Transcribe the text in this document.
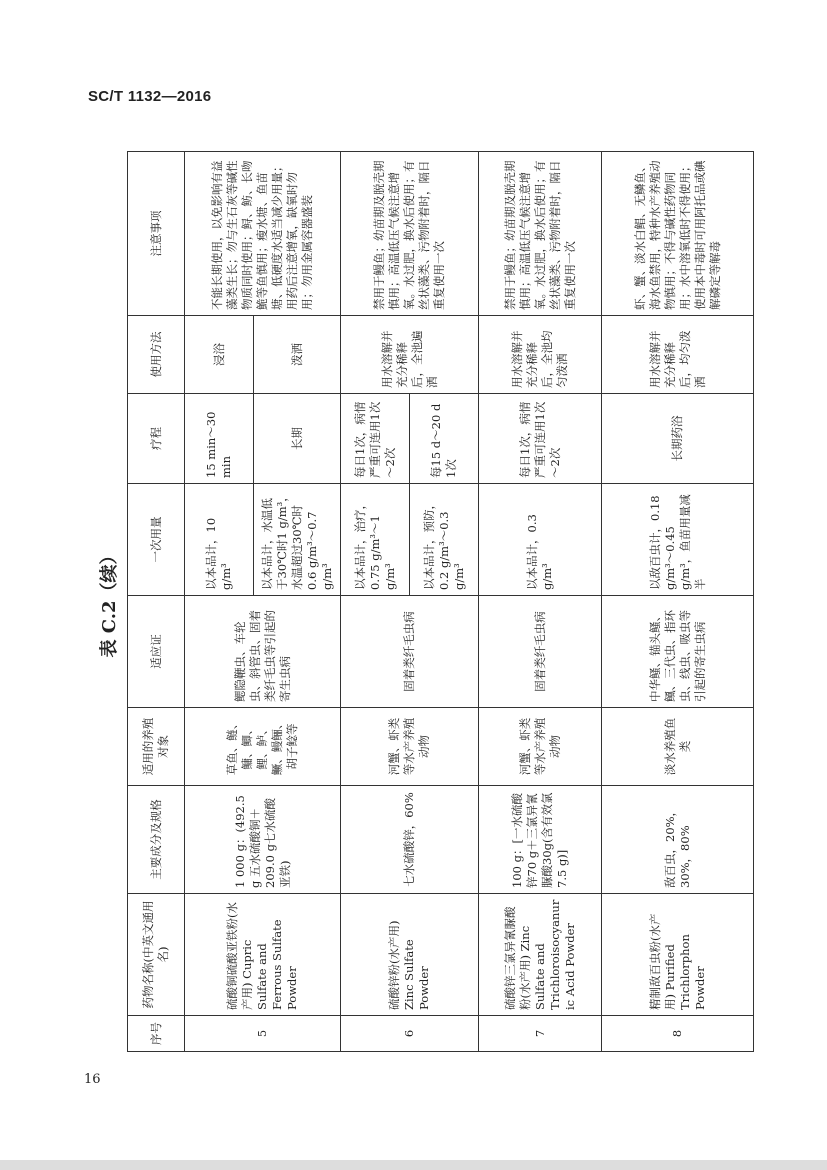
SC/T 1132—2016
表 C.2（续）
序号	药物名称(中英文通用名)	主要成分及规格	适用的养殖对象	适应证	一次用量	疗程	使用方法	注意事项
5	硫酸铜硫酸亚铁粉(水产用) Cupric Sulfate and Ferrous Sulfate Powder	1 000 g：(492.5 g 五水硫酸铜＋209.0 g七水硫酸亚铁)	草鱼、鲢、鳙、鲫、鲤、鲈、鳜、鳗鲡、胡子鲶等	鳃隐鞭虫、车轮虫、斜管虫、固着类纤毛虫等引起的寄生虫病	以本品计，10 g/m³	15 min～30 min	浸浴	不能长期使用，以免影响有益藻类生长；勿与生石灰等碱性物质同时使用；鲟、鲂、长吻鮠等鱼慎用；瘦水塘、鱼苗塘、低硬度水适当减少用量；用药后注意增氧，缺氧时勿用；勿用金属容器盛装
					以本品计，水温低于30℃时1 g/m³，水温超过30℃时0.6 g/m³～0.7 g/m³	长期	泼洒	
6	硫酸锌粉(水产用) Zinc Sulfate Powder	七水硫酸锌，60%	河蟹、虾类等水产养殖动物	固着类纤毛虫病	以本品计，治疗，0.75 g/m³～1 g/m³	每日1次，病情严重可连用1次～2次	用水溶解并充分稀释后，全池遍洒	禁用于鳗鱼；幼苗期及脱壳期慎用；高温低压气候注意增氧。水过肥，换水后使用；有丝状藻类、污物附着时，隔日重复使用一次
					以本品计，预防，0.2 g/m³～0.3 g/m³	每15 d～20 d 1次		
7	硫酸锌三氯异氰脲酸粉(水产用) Zinc Sulfate and Trichloroisocyanuric Acid Powder	100 g：[一水硫酸锌70 g＋三氯异氰脲酸30g(含有效氯7.5 g)]	河蟹、虾类等水产养殖动物	固着类纤毛虫病	以本品计，0.3 g/m³	每日1次，病情严重可连用1次～2次	用水溶解并充分稀释后，全池均匀泼洒	禁用于鳗鱼；幼苗期及脱壳期慎用；高温低压气候注意增氧。水过肥，换水后使用；有丝状藻类、污物附着时，隔日重复使用一次
8	精制敌百虫粉(水产用) Purified Trichlorphon Powder	敌百虫，20%，30%，80%	淡水养殖鱼类	中华鳋、锚头鳋、鲺、三代虫、指环虫、线虫、吸虫等引起的寄生虫病	以敌百虫计，0.18 g/m³～0.45 g/m³，鱼苗用量减半	长期药浴	用水溶解并充分稀释后，均匀泼洒	虾、蟹、淡水白鲳、无鳞鱼、海水鱼禁用，特种水产养殖动物慎用；不得与碱性药物同用；水中溶氧低时不得使用；使用本中毒时可用阿托品或碘解磷定等解毒
16
